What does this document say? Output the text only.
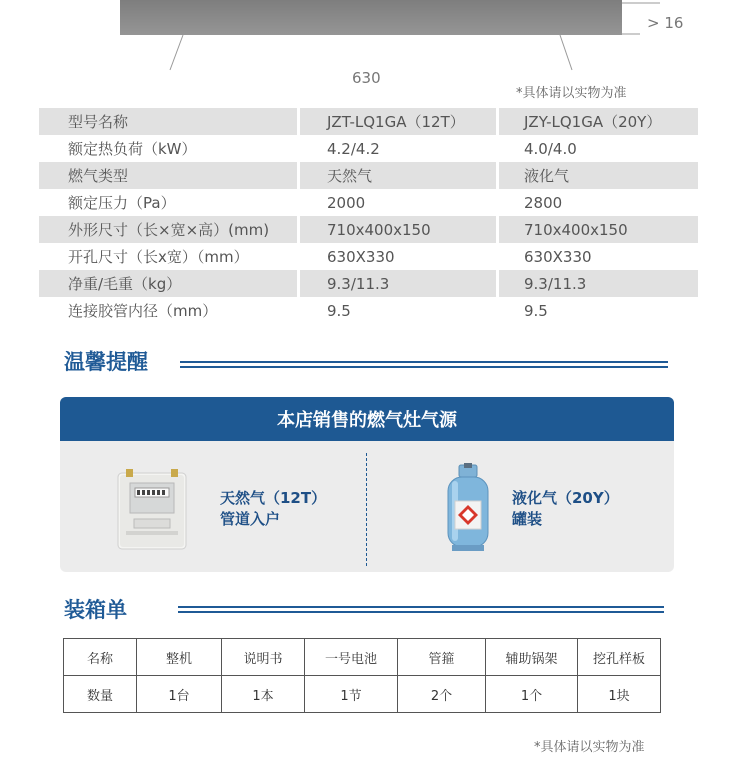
> 16
630
*具体请以实物为准
型号名称	JZT-LQ1GA（12T）	JZY-LQ1GA（20Y）
额定热负荷（kW）	4.2/4.2	4.0/4.0
燃气类型	天然气	液化气
额定压力（Pa）	2000	2800
外形尺寸（长×宽×高）(mm)	710x400x150	710x400x150
开孔尺寸（长x宽）（mm）	630X330	630X330
净重/毛重（kg）	9.3/11.3	9.3/11.3
连接胶管内径（mm）	9.5	9.5
温馨提醒
本店销售的燃气灶气源
天然气（12T）
管道入户
液化气（20Y）
罐装
装箱单
名称	整机	说明书	一号电池	管箍	辅助锅架	挖孔样板
数量	1台	1本	1节	2个	1个	1块
*具体请以实物为准
